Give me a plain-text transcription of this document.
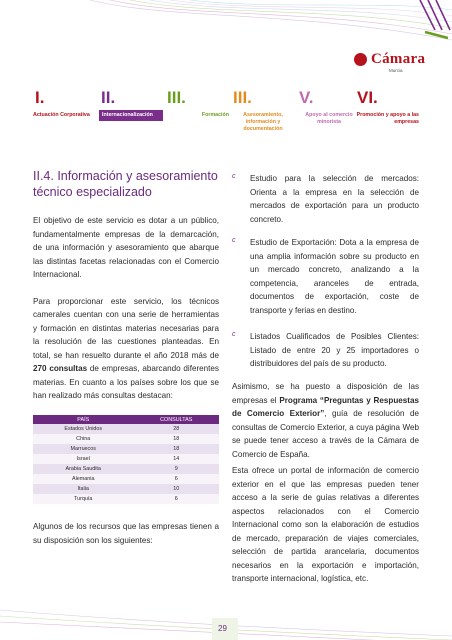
Cámara
Murcia
I.
Actuación Corporativa
II.
Internacionalización
III.
Formación
III.
Asesoramiento, información y documentación
V.
Apoyo al comercio minorista
VI.
Promoción y apoyo a las empresas
II.4. Información y asesoramiento
técnico especializado

El objetivo de este servicio es dotar a un público, fundamentalmente empresas de la demarcación, de una información y asesoramiento que abarque las distintas facetas relacionadas con el Comercio Internacional.

Para proporcionar este servicio, los técnicos camerales cuentan con una serie de herramientas y formación en distintas materias necesarias para la resolución de las cuestiones planteadas. En total, se han resuelto durante el año 2018 más de 270 consultas de empresas, abarcando diferentes materias. En cuanto a los países sobre los que se han realizado más consultas destacan:

PAÍS	CONSULTAS
Estados Unidos	28
China	18
Marruecos	18
Israel	14
Arabia Saudita	9
Alemania	6
Italia	10
Turquía	6

Algunos de los recursos que las empresas tienen a su disposición son los siguientes:

c Estudio para la selección de mercados: Orienta a la empresa en la selección de mercados de exportación para un producto concreto.

c Estudio de Exportación: Dota a la empresa de una amplia información sobre su producto en un mercado concreto, analizando a la competencia, aranceles de entrada, documentos de exportación, coste de transporte y ferias en destino.

c Listados Cualificados de Posibles Clientes: Listado de entre 20 y 25 importadores o distribuidores del país de su producto.

Asimismo, se ha puesto a disposición de las empresas el Programa “Preguntas y Respuestas de Comercio Exterior”, guía de resolución de consultas de Comercio Exterior, a cuya página Web se puede tener acceso a través de la Cámara de Comercio de España.

Esta ofrece un portal de información de comercio exterior en el que las empresas pueden tener acceso a la serie de guías relativas a diferentes aspectos relacionados con el Comercio Internacional como son la elaboración de estudios de mercado, preparación de viajes comerciales, selección de partida arancelaria, documentos necesarios en la exportación e importación, transporte internacional, logística, etc.

29
